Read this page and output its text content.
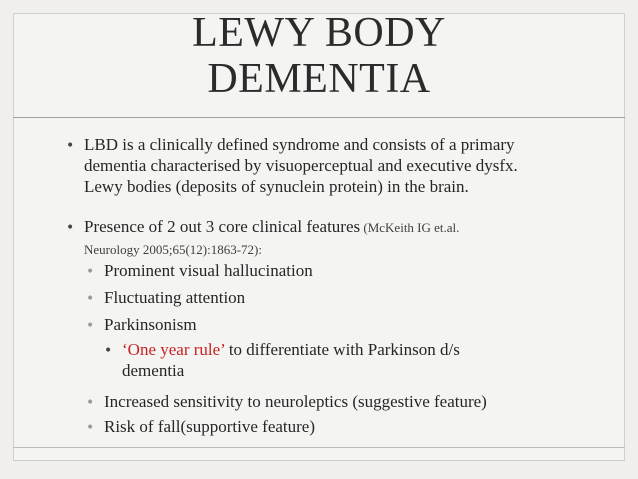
LEWY BODY
DEMENTIA
• LBD is a clinically defined syndrome and consists of a primary
dementia characterised by visuoperceptual and executive dysfx.
Lewy bodies (deposits of synuclein protein) in the brain.
• Presence of 2 out 3 core clinical features (McKeith IG et.al.
Neurology 2005;65(12):1863-72):
• Prominent visual hallucination
• Fluctuating attention
• Parkinsonism
• ‘One year rule’ to differentiate with Parkinson d/s
dementia
• Increased sensitivity to neuroleptics (suggestive feature)
• Risk of fall(supportive feature)
